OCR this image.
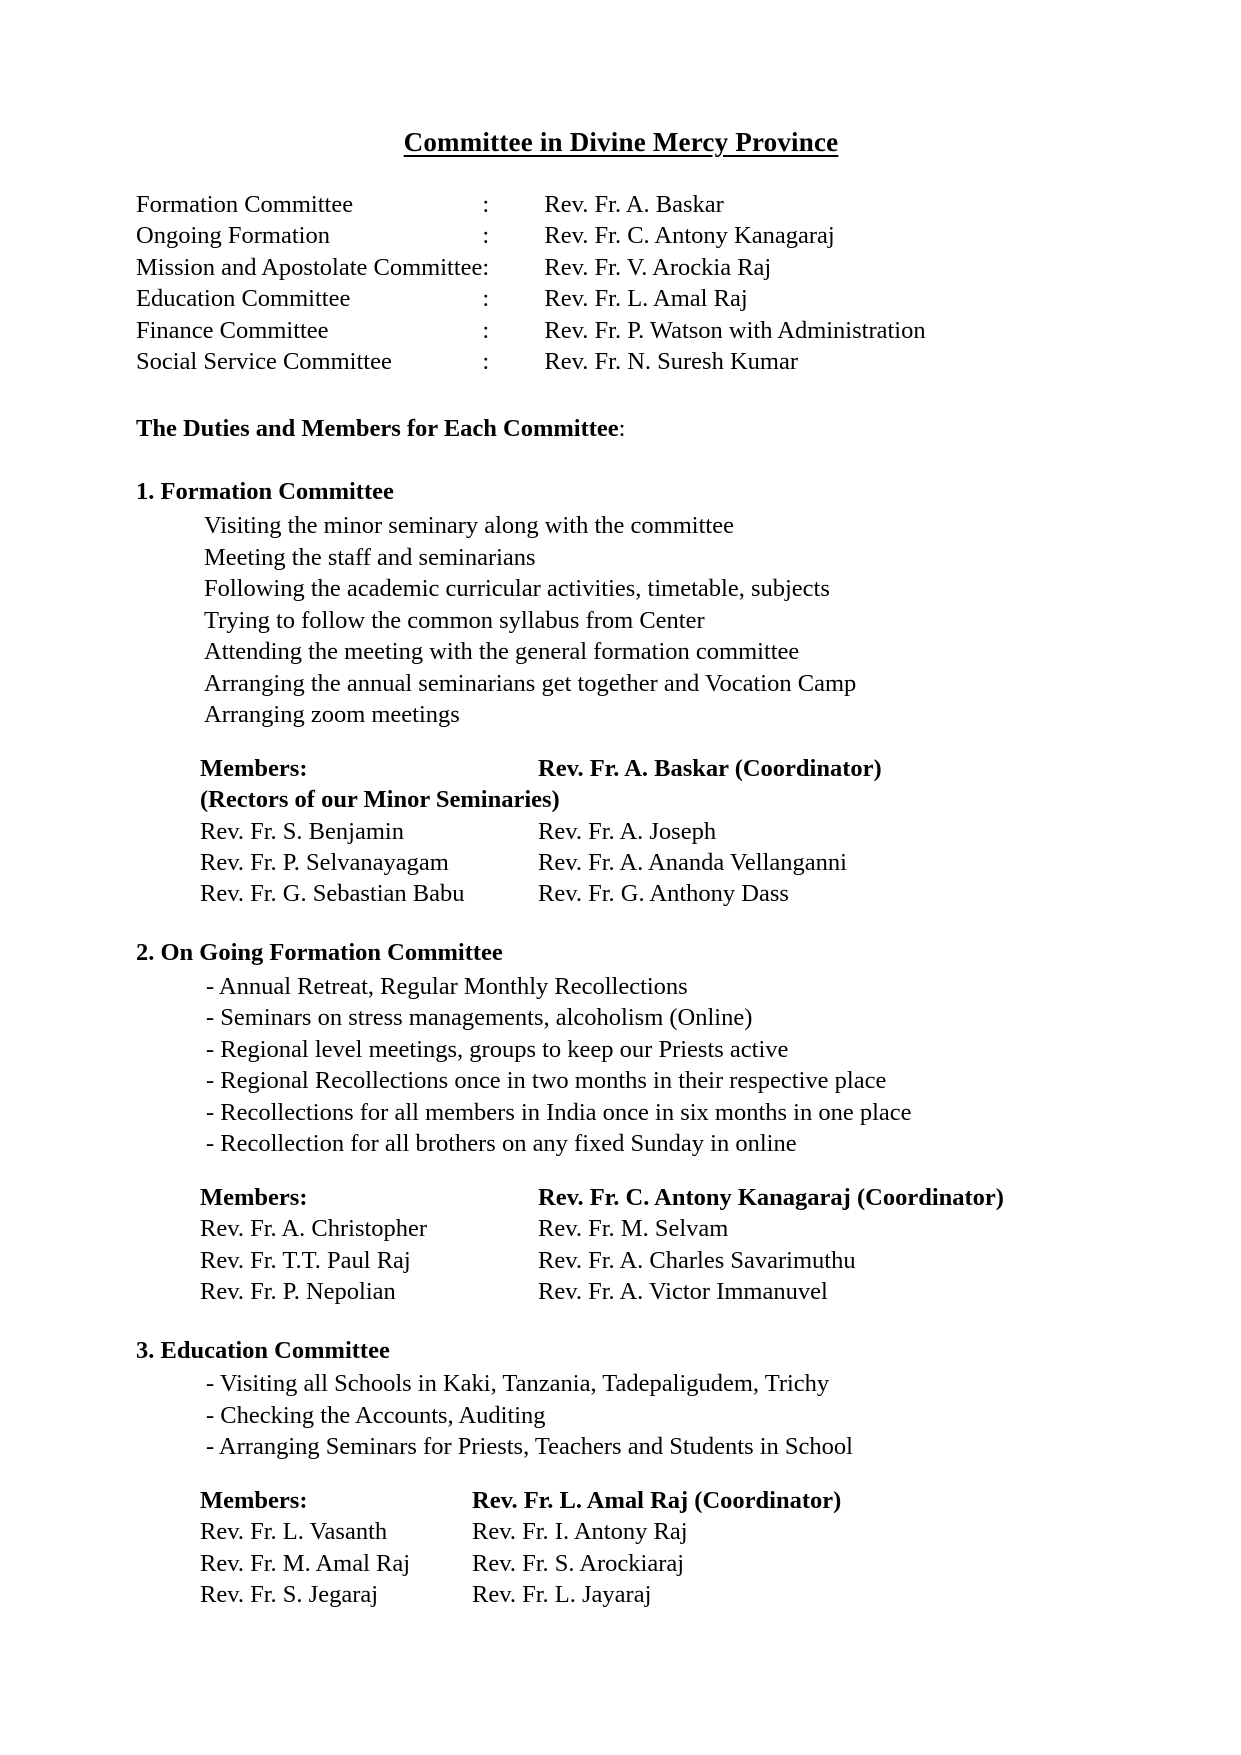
Committee in Divine Mercy Province
Formation Committee	:	Rev. Fr. A. Baskar
Ongoing Formation	:	Rev. Fr. C. Antony Kanagaraj
Mission and Apostolate Committee	:	Rev. Fr. V. Arockia Raj
Education Committee	:	Rev. Fr. L. Amal Raj
Finance Committee	:	Rev. Fr. P. Watson with Administration
Social Service Committee	:	Rev. Fr. N. Suresh Kumar

The Duties and Members for Each Committee:

1. Formation Committee
Visiting the minor seminary along with the committee
Meeting the staff and seminarians
Following the academic curricular activities, timetable, subjects
Trying to follow the common syllabus from Center
Attending the meeting with the general formation committee
Arranging the annual seminarians get together and Vocation Camp
Arranging zoom meetings
Members:	Rev. Fr. A. Baskar (Coordinator)
(Rectors of our Minor Seminaries)
Rev. Fr. S. Benjamin	Rev. Fr. A. Joseph
Rev. Fr. P. Selvanayagam	Rev. Fr. A. Ananda Vellanganni
Rev. Fr. G. Sebastian Babu	Rev. Fr. G. Anthony Dass
2. On Going Formation Committee
- Annual Retreat, Regular Monthly Recollections
- Seminars on stress managements, alcoholism (Online)
- Regional level meetings, groups to keep our Priests active
- Regional Recollections once in two months in their respective place
- Recollections for all members in India once in six months in one place
- Recollection for all brothers on any fixed Sunday in online
Members:	Rev. Fr. C. Antony Kanagaraj (Coordinator)
Rev. Fr. A. Christopher	Rev. Fr. M. Selvam
Rev. Fr. T.T. Paul Raj	Rev. Fr. A. Charles Savarimuthu
Rev. Fr. P. Nepolian	Rev. Fr. A. Victor Immanuvel
3. Education Committee
- Visiting all Schools in Kaki, Tanzania, Tadepaligudem, Trichy
- Checking the Accounts, Auditing
- Arranging Seminars for Priests, Teachers and Students in School
Members:	Rev. Fr. L. Amal Raj (Coordinator)
Rev. Fr. L. Vasanth	Rev. Fr. I. Antony Raj
Rev. Fr. M. Amal Raj	Rev. Fr. S. Arockiaraj
Rev. Fr. S. Jegaraj	Rev. Fr. L. Jayaraj
